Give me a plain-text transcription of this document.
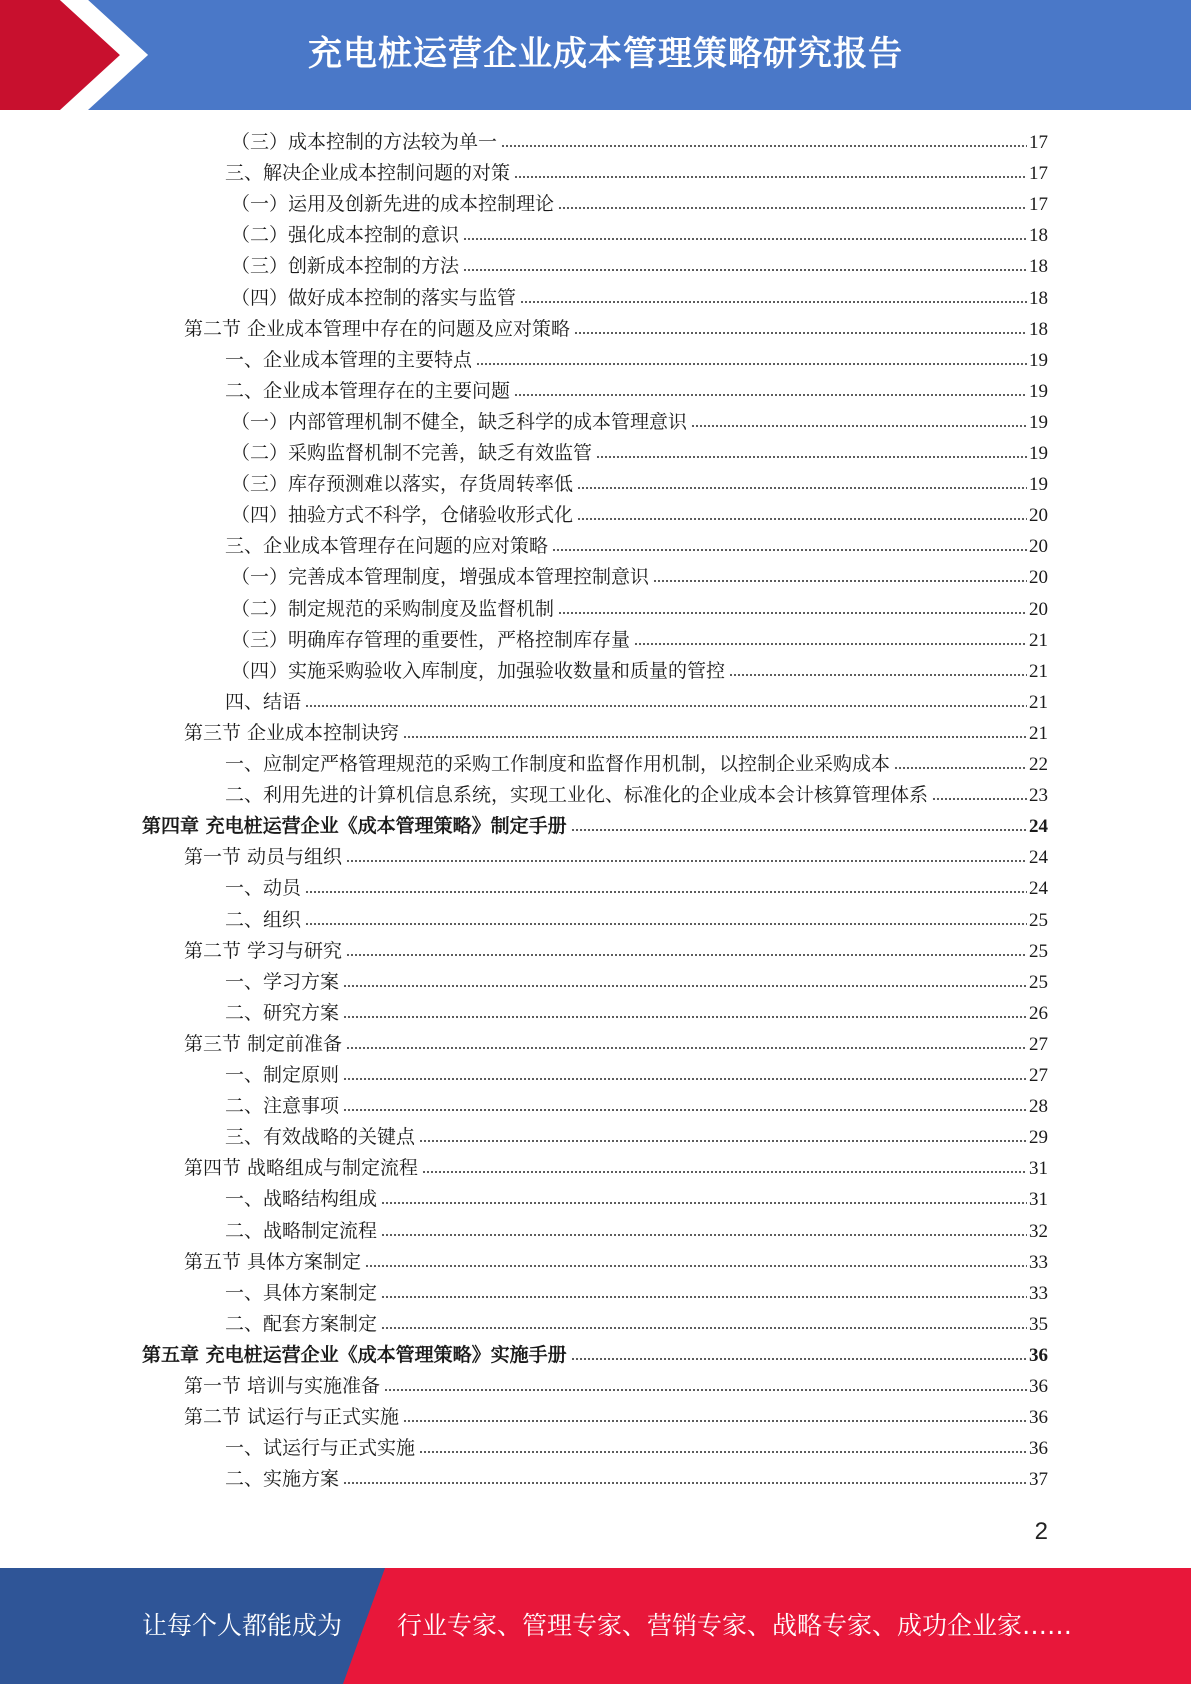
充电桩运营企业成本管理策略研究报告
（三）成本控制的方法较为单一	17
三、解决企业成本控制问题的对策	17
（一）运用及创新先进的成本控制理论	17
（二）强化成本控制的意识	18
（三）创新成本控制的方法	18
（四）做好成本控制的落实与监管	18
第二节 企业成本管理中存在的问题及应对策略	18
一、企业成本管理的主要特点	19
二、企业成本管理存在的主要问题	19
（一）内部管理机制不健全，缺乏科学的成本管理意识	19
（二）采购监督机制不完善，缺乏有效监管	19
（三）库存预测难以落实，存货周转率低	19
（四）抽验方式不科学，仓储验收形式化	20
三、企业成本管理存在问题的应对策略	20
（一）完善成本管理制度，增强成本管理控制意识	20
（二）制定规范的采购制度及监督机制	20
（三）明确库存管理的重要性，严格控制库存量	21
（四）实施采购验收入库制度，加强验收数量和质量的管控	21
四、结语	21
第三节 企业成本控制诀窍	21
一、应制定严格管理规范的采购工作制度和监督作用机制，以控制企业采购成本	22
二、利用先进的计算机信息系统，实现工业化、标准化的企业成本会计核算管理体系	23
第四章 充电桩运营企业《成本管理策略》制定手册	24
第一节 动员与组织	24
一、动员	24
二、组织	25
第二节 学习与研究	25
一、学习方案	25
二、研究方案	26
第三节 制定前准备	27
一、制定原则	27
二、注意事项	28
三、有效战略的关键点	29
第四节 战略组成与制定流程	31
一、战略结构组成	31
二、战略制定流程	32
第五节 具体方案制定	33
一、具体方案制定	33
二、配套方案制定	35
第五章 充电桩运营企业《成本管理策略》实施手册	36
第一节 培训与实施准备	36
第二节 试运行与正式实施	36
一、试运行与正式实施	36
二、实施方案	37
2
让每个人都能成为 行业专家、管理专家、营销专家、战略专家、成功企业家……
